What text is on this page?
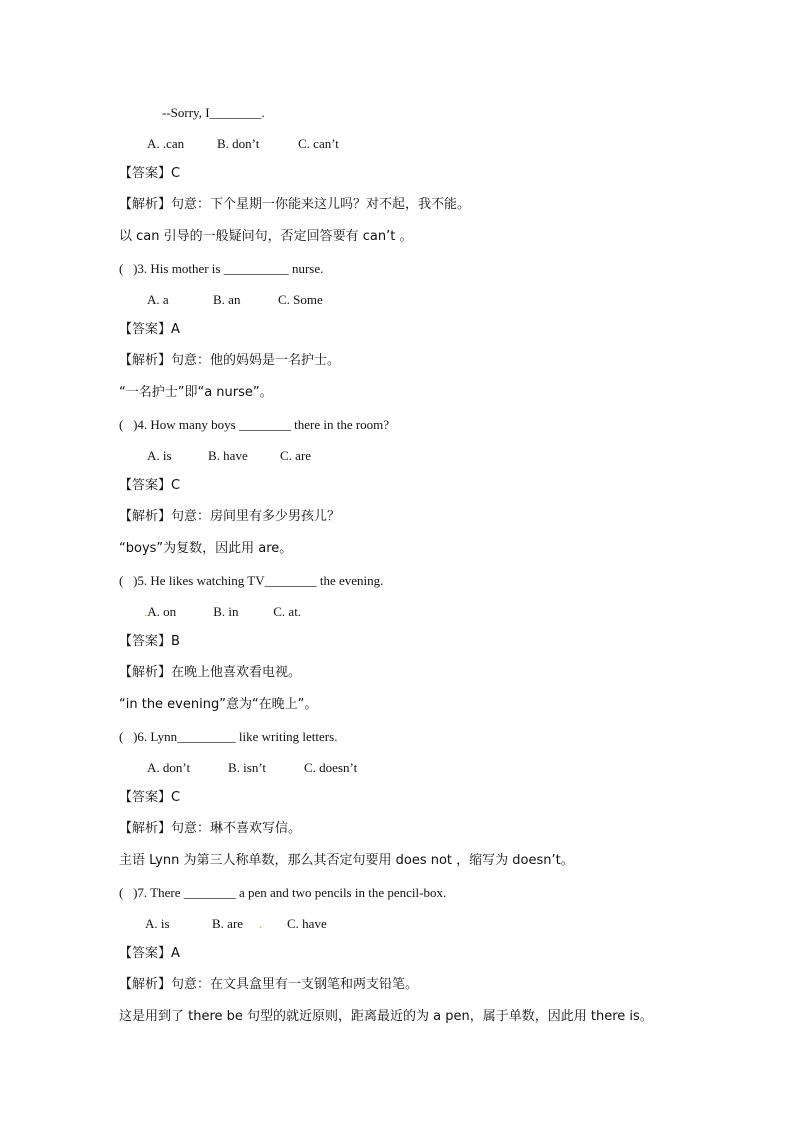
--Sorry, I________.
A. .can	B. don’t	C. can’t
【答案】C
【解析】句意：下个星期一你能来这儿吗？对不起，我不能。
以 can 引导的一般疑问句，否定回答要有 can’t 。
(   )3. His mother is __________ nurse.
A. a	B. an	C. Some
【答案】A
【解析】句意：他的妈妈是一名护士。
“一名护士”即“a nurse”。
(   )4. How many boys ________ there in the room?
A. is	B. have C. are
【答案】C
【解析】句意：房间里有多少男孩儿？
“boys”为复数，因此用 are。
(   )5. He likes watching TV________ the evening.
.A. on	B. in	C. at.
【答案】B
【解析】在晚上他喜欢看电视。
“in the evening”意为“在晚上”。
(   )6. Lynn_________ like writing letters.
A. don’t	B. isn’t	C. doesn’t
【答案】C
【解析】句意：琳不喜欢写信。
主语 Lynn 为第三人称单数，那么其否定句要用 does not ，缩写为 doesn’t。
(   )7. There ________ a pen and two pencils in the pencil-box.
A. is	B. are . C. have
【答案】A
【解析】句意：在文具盒里有一支钢笔和两支铅笔。
这是用到了 there be 句型的就近原则，距离最近的为 a pen，属于单数，因此用 there is。
